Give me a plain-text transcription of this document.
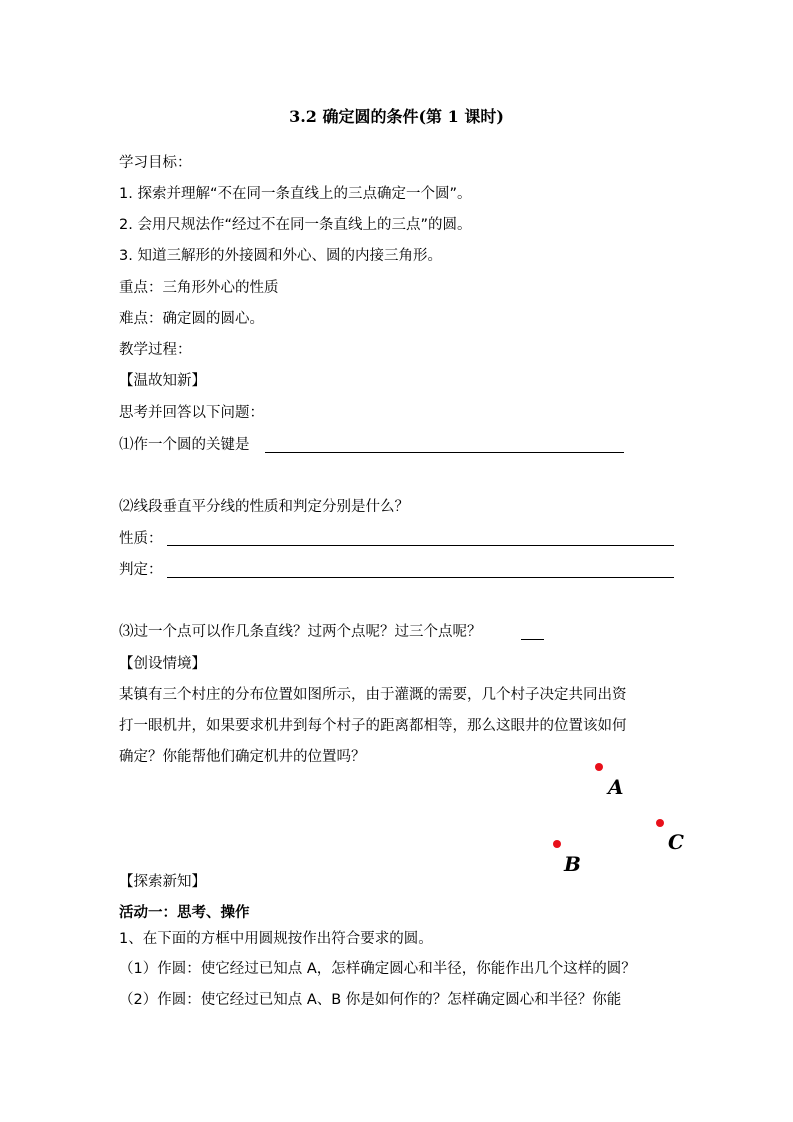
3.2 确定圆的条件(第 1 课时)
学习目标：
1. 探索并理解“不在同一条直线上的三点确定一个圆”。
2. 会用尺规法作“经过不在同一条直线上的三点”的圆。
3. 知道三解形的外接圆和外心、圆的内接三角形。
重点：三角形外心的性质
难点：确定圆的圆心。
教学过程：
【温故知新】
思考并回答以下问题：
⑴作一个圆的关键是
⑵线段垂直平分线的性质和判定分别是什么？
性质：
判定：
⑶过一个点可以作几条直线？过两个点呢？过三个点呢？
【创设情境】
某镇有三个村庄的分布位置如图所示，由于灌溉的需要，几个村子决定共同出资
打一眼机井，如果要求机井到每个村子的距离都相等，那么这眼井的位置该如何
确定？你能帮他们确定机井的位置吗？
A
B
C
【探索新知】
活动一：思考、操作
1、在下面的方框中用圆规按作出符合要求的圆。
（1）作圆：使它经过已知点 A，怎样确定圆心和半径，你能作出几个这样的圆？
（2）作圆：使它经过已知点 A、B 你是如何作的？怎样确定圆心和半径？你能
